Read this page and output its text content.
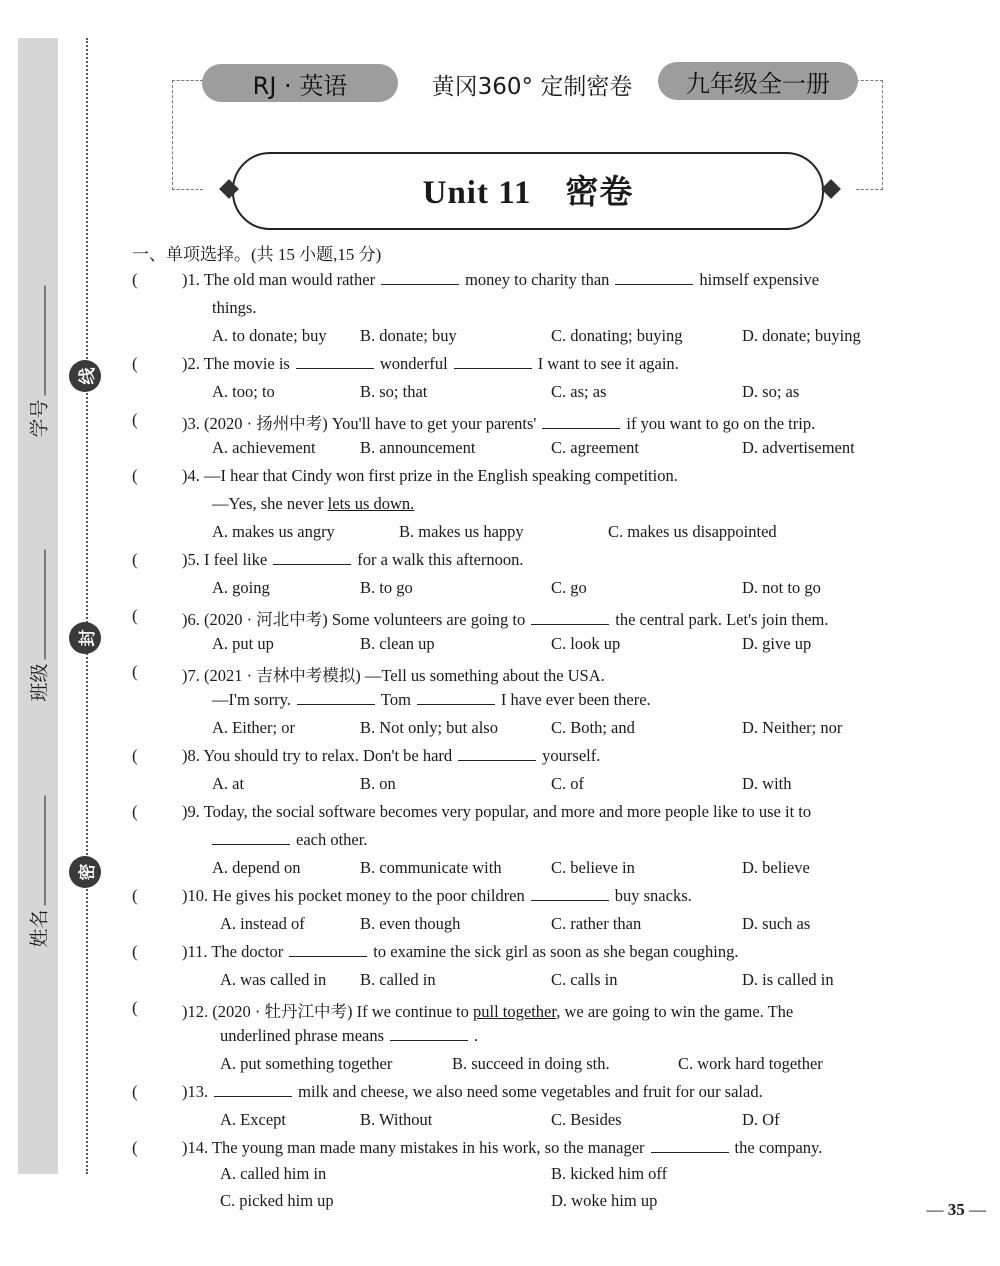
学号
班级
姓名
线
封
密
RJ · 英语	黄冈360° 定制密卷	九年级全一册
Unit 11　密卷
一、单项选择。(共 15 小题,15 分)
(	)1. The old man would rather	money to charity than	himself expensive
things.
A. to donate; buy B. donate; buy	C. donating; buying	D. donate; buying
(	)2. The movie is	wonderful	I want to see it again.
A. too; to	B. so; that	C. as; as	D. so; as
(	)3. (2020 · 扬州中考) You'll have to get your parents'	if you want to go on the trip.
A. achievement	B. announcement	C. agreement	D. advertisement
(	)4. —I hear that Cindy won first prize in the English speaking competition.
—Yes, she never lets us down.
A. makes us angry	B. makes us happy	C. makes us disappointed
(	)5. I feel like	for a walk this afternoon.
A. going	B. to go	C. go	D. not to go
(	)6. (2020 · 河北中考) Some volunteers are going to	the central park. Let's join them.
A. put up	B. clean up	C. look up	D. give up
(	)7. (2021 · 吉林中考模拟) —Tell us something about the USA.
—I'm sorry.	Tom	I have ever been there.
A. Either; or	B. Not only; but also	C. Both; and	D. Neither; nor
(	)8. You should try to relax. Don't be hard	yourself.
A. at	B. on	C. of	D. with
(	)9. Today, the social software becomes very popular, and more and more people like to use it to
each other.
A. depend on	B. communicate with	C. believe in	D. believe
(	)10. He gives his pocket money to the poor children	buy snacks.
A. instead of	B. even though	C. rather than	D. such as
(	)11. The doctor	to examine the sick girl as soon as she began coughing.
A. was called in B. called in	C. calls in	D. is called in
(	)12. (2020 · 牡丹江中考) If we continue to pull together, we are going to win the game. The
underlined phrase means	.
A. put something together	B. succeed in doing sth.	C. work hard together
(	)13.	milk and cheese, we also need some vegetables and fruit for our salad.
A. Except	B. Without	C. Besides	D. Of
(	)14. The young man made many mistakes in his work, so the manager	the company.
A. called him in	B. kicked him off
C. picked him up	D. woke him up	— 35 —
